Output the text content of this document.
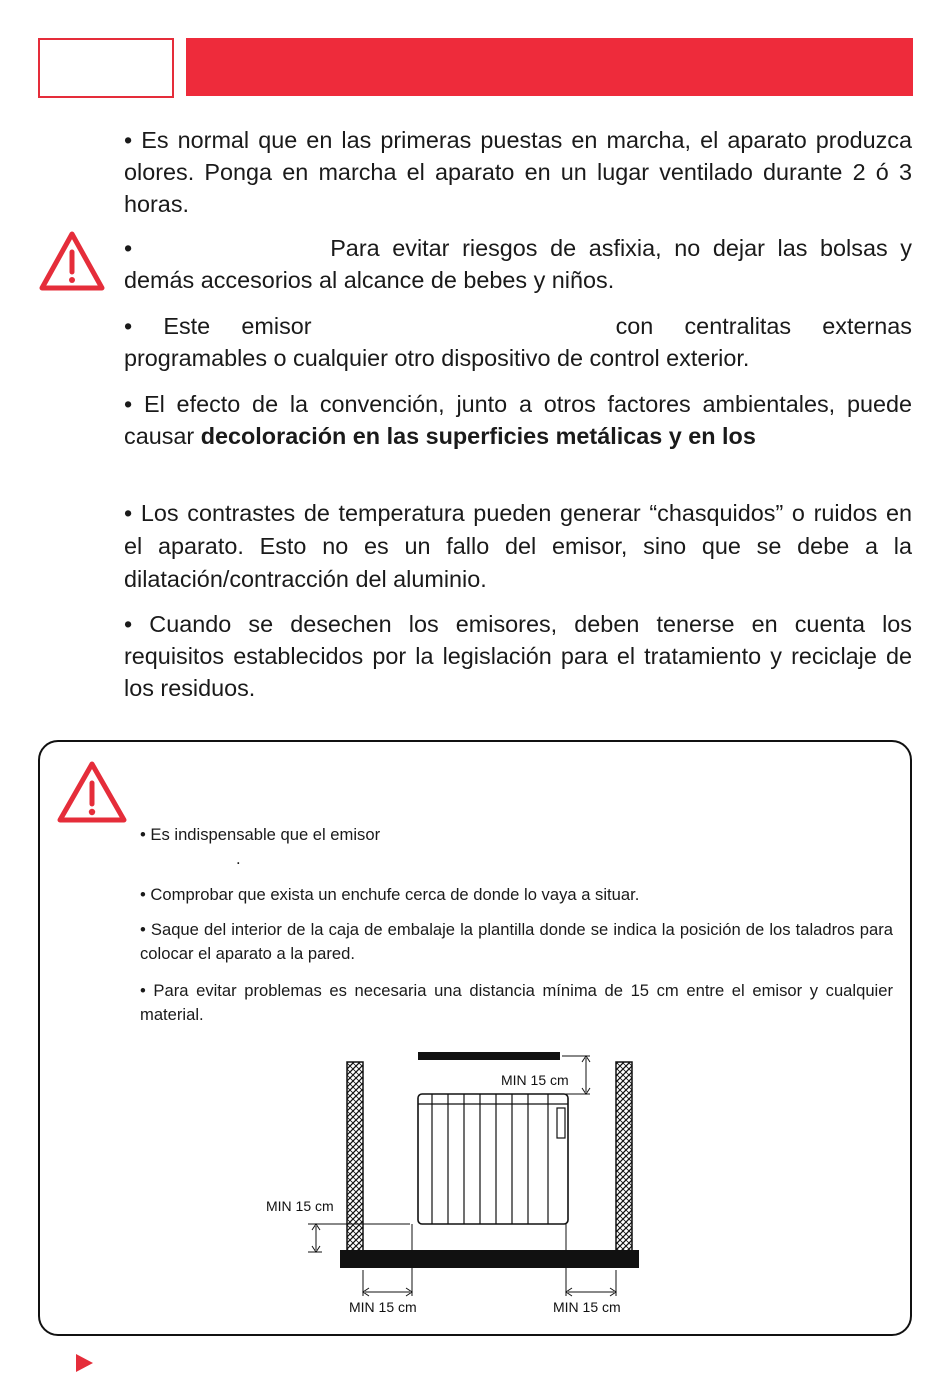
• Es normal que en las primeras puestas en marcha, el aparato produzca olores. Ponga en marcha el aparato en un lugar ventilado durante 2 ó 3 horas.

•	Para evitar riesgos de asfixia, no dejar las bolsas y demás accesorios al alcance de bebes y niños.

• Este emisor	con centralitas externas programables o cualquier otro dispositivo de control exterior.

• El efecto de la convención, junto a otros factores ambientales, puede causar decoloración en las superficies metálicas y en los

• Los contrastes de temperatura pueden generar “chasquidos” o ruidos en el aparato. Esto no es un fallo del emisor, sino que se debe a la dilatación/contracción del aluminio.

• Cuando se desechen los emisores, deben tenerse en cuenta los requisitos establecidos por la legislación para el tratamiento y reciclaje de los residuos.

• Es indispensable que el emisor

.

• Comprobar que exista un enchufe cerca de donde lo vaya a situar.

• Saque del interior de la caja de embalaje la plantilla donde se indica la posición de los taladros para colocar el aparato a la pared.

• Para evitar problemas es necesaria una distancia mínima de 15 cm entre el emisor y cualquier material.

MIN 15 cm
MIN 15 cm
MIN 15 cm	MIN 15 cm
